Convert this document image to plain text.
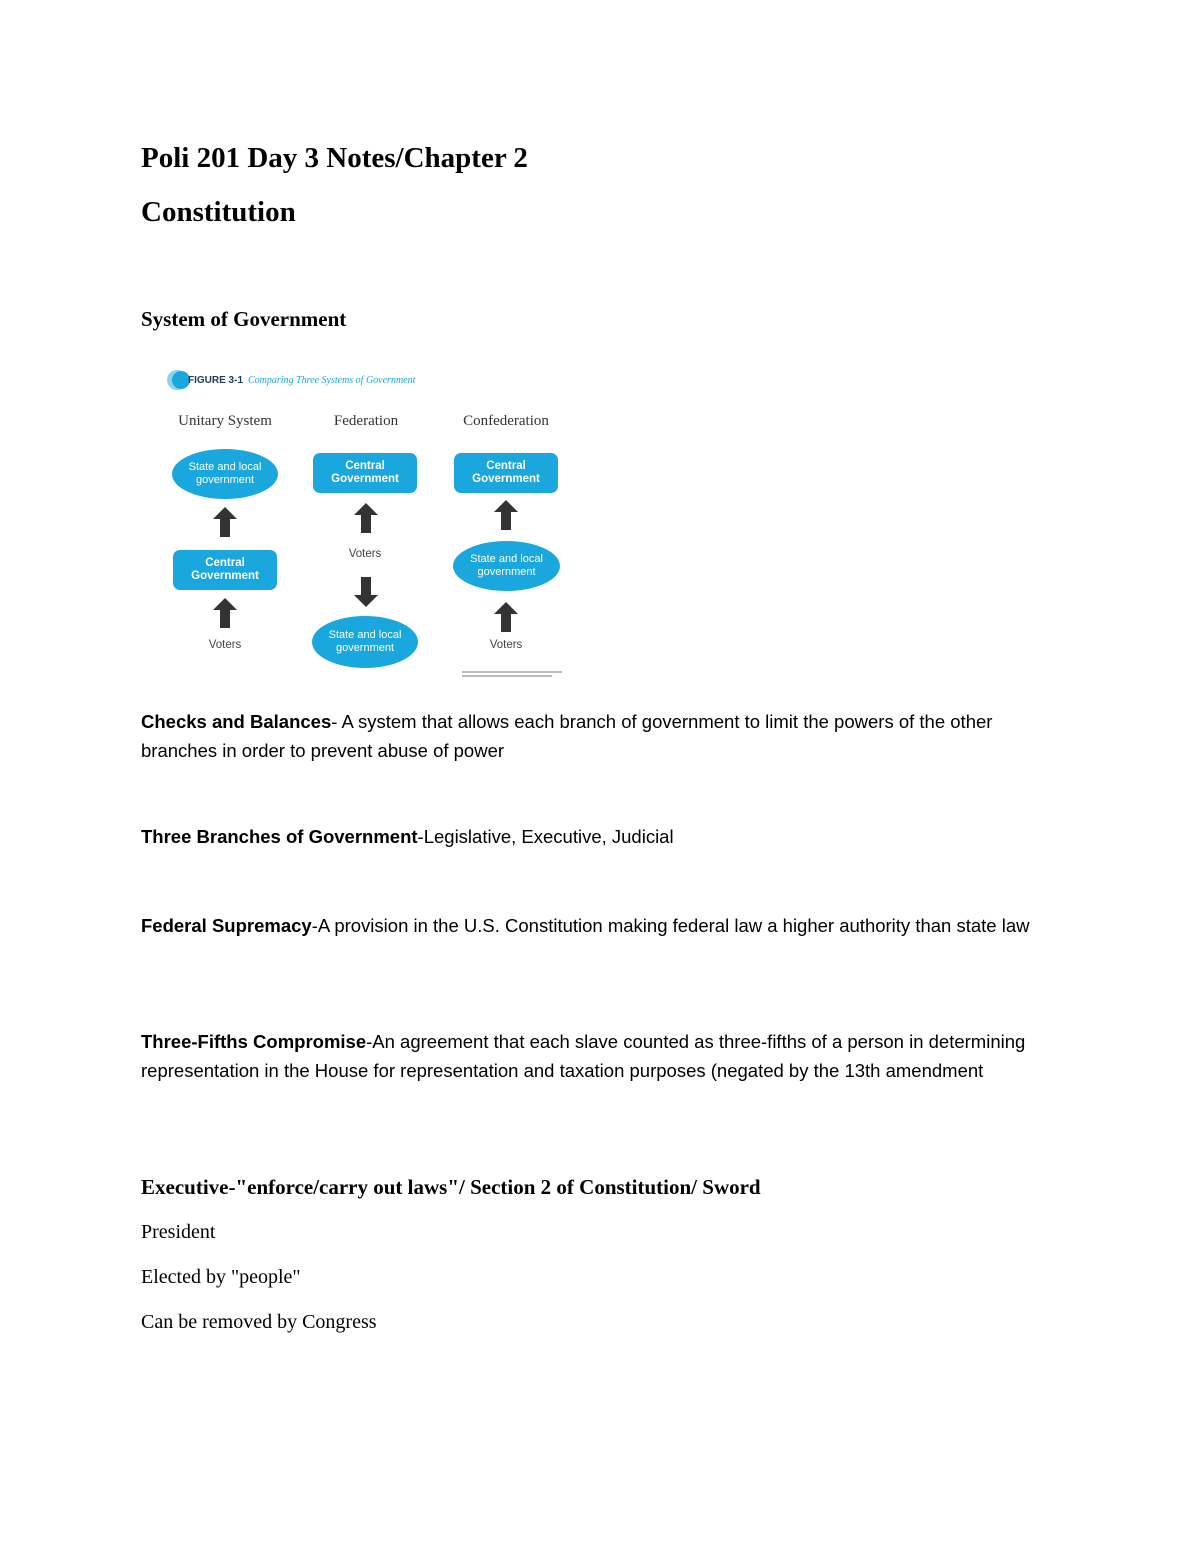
Poli 201 Day 3 Notes/Chapter 2
Constitution
System of Government
FIGURE 3-1 Comparing Three Systems of Government
Unitary System
State and local government
Central Government
Voters
Federation
Central Government
Voters
State and local government
Confederation
Central Government
State and local government
Voters
Checks and Balances- A system that allows each branch of government to limit the powers of the other branches in order to prevent abuse of power
Three Branches of Government-Legislative, Executive, Judicial
Federal Supremacy-A provision in the U.S. Constitution making federal law a higher authority than state law
Three-Fifths Compromise-An agreement that each slave counted as three-fifths of a person in determining representation in the House for representation and taxation purposes (negated by the 13th amendment
Executive-"enforce/carry out laws"/ Section 2 of Constitution/ Sword
President
Elected by "people"
Can be removed by Congress
